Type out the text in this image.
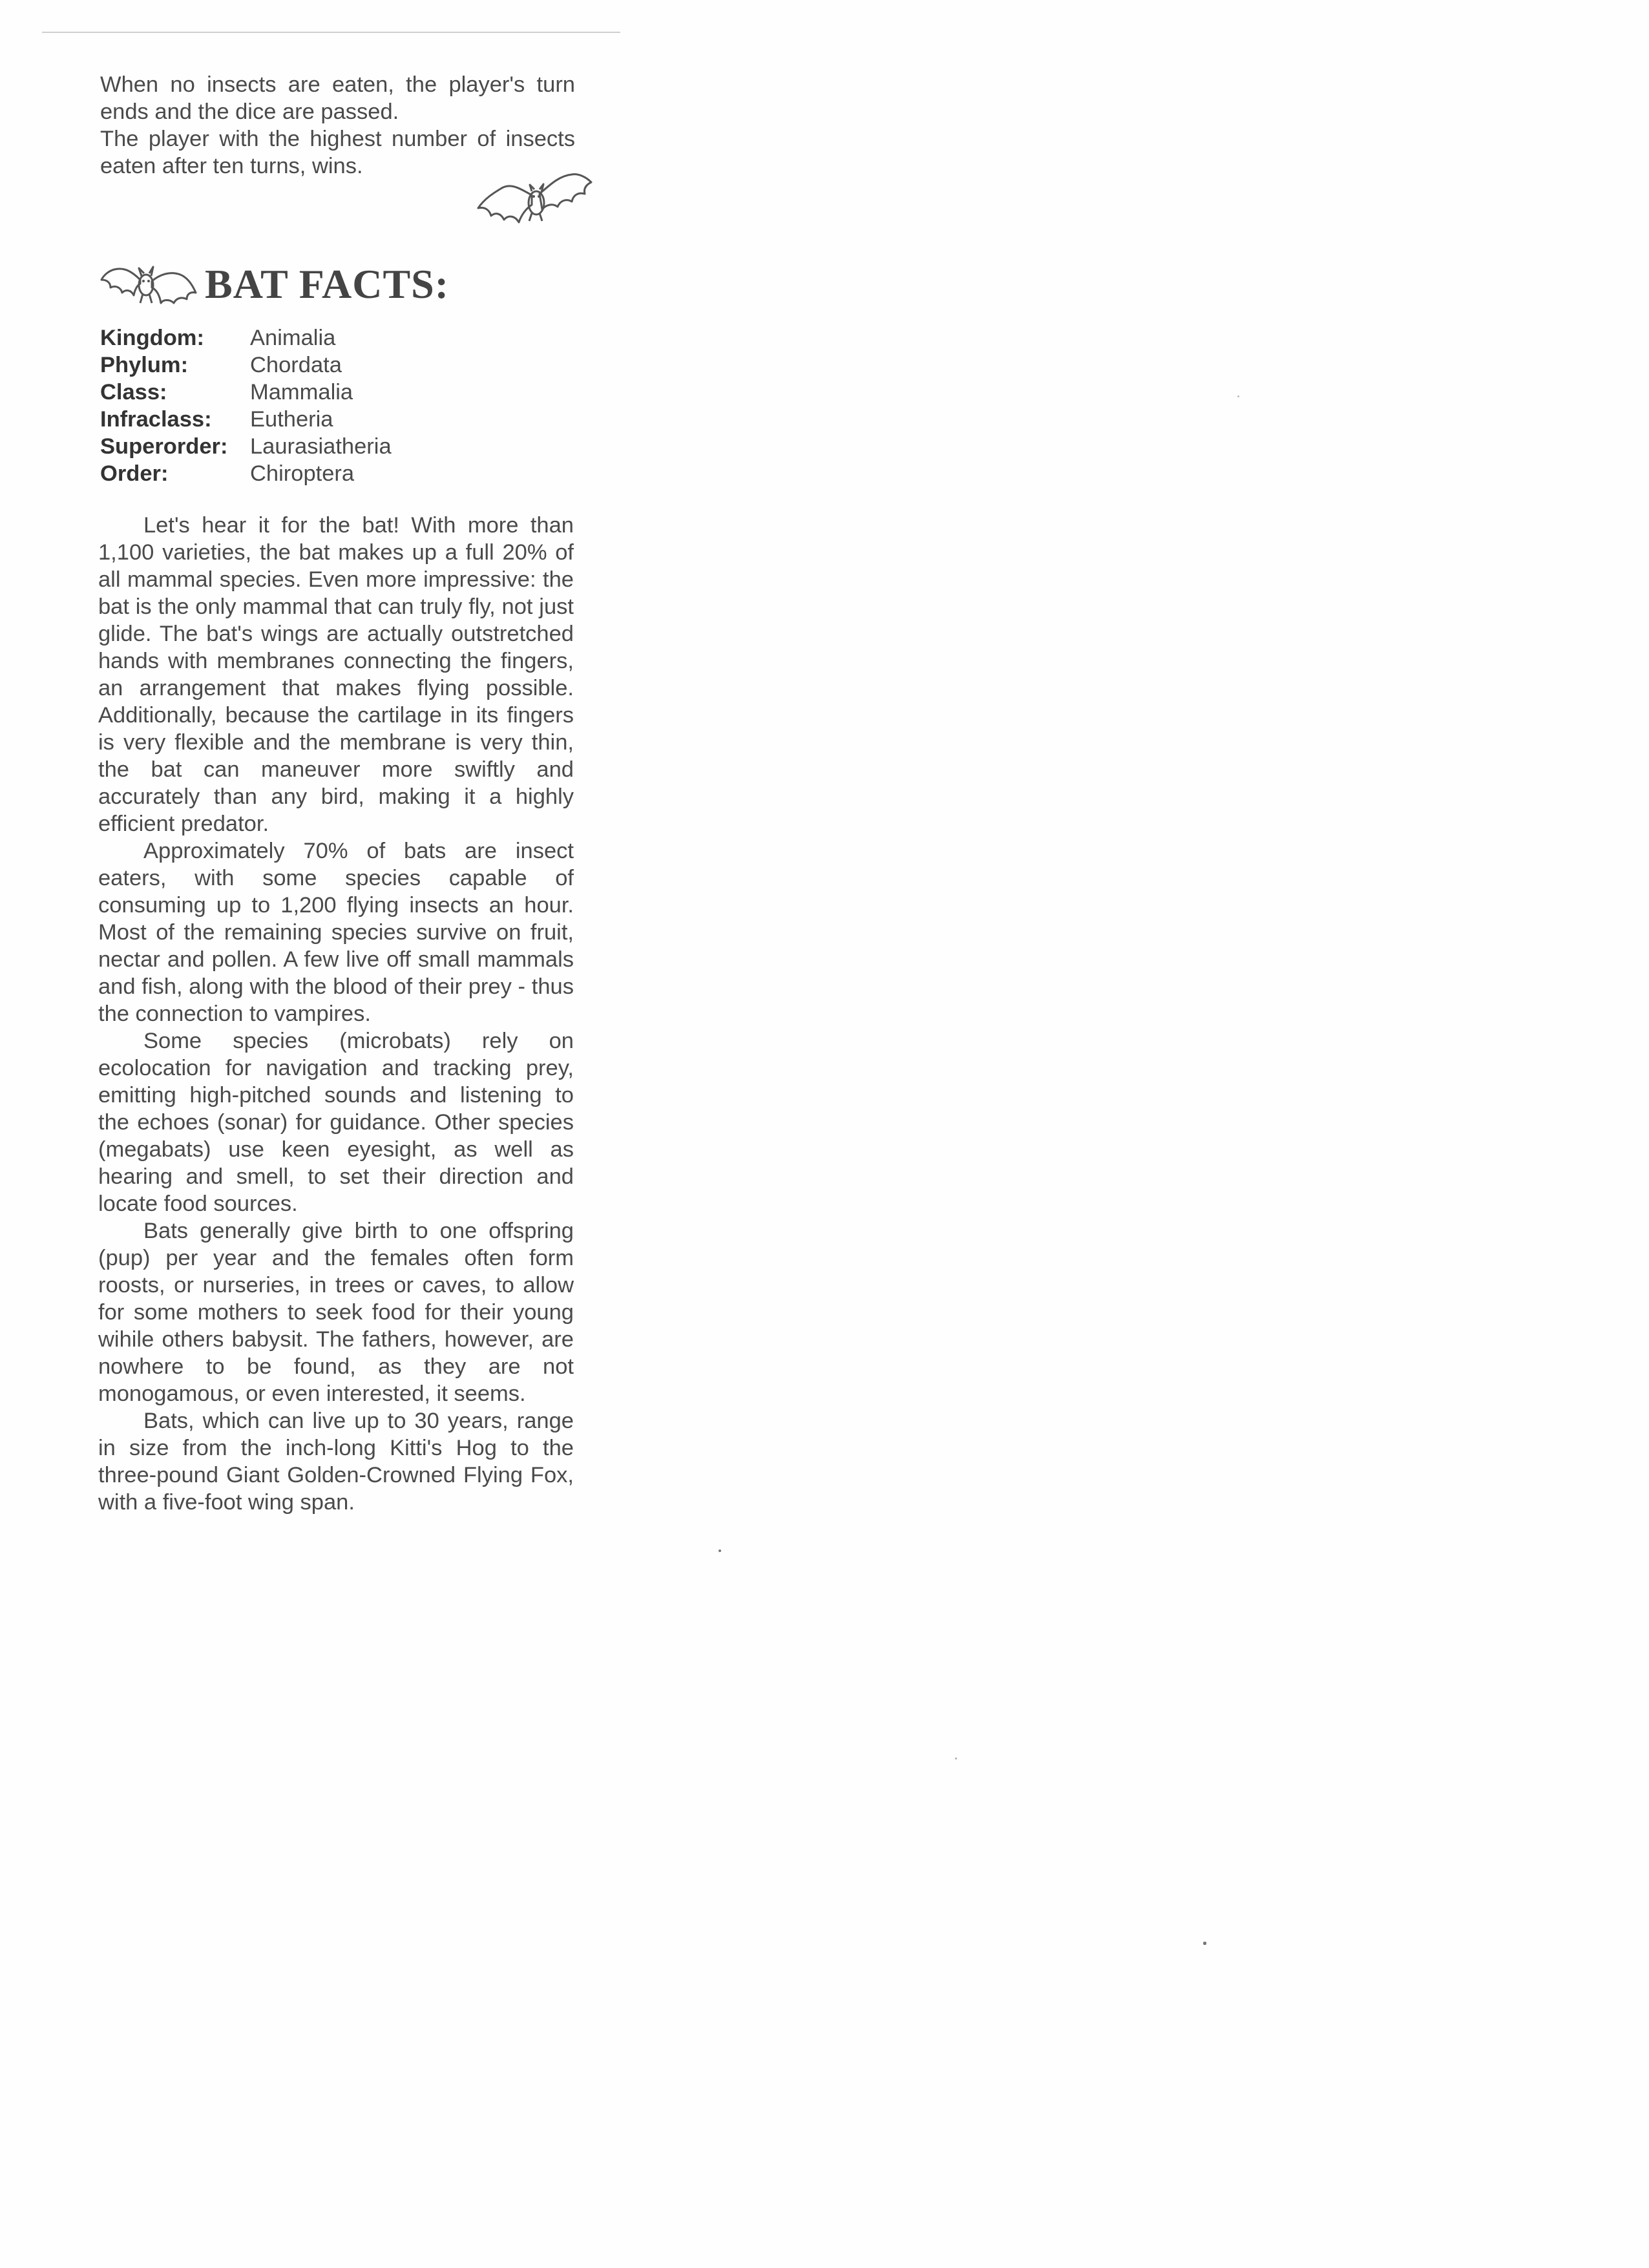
When no insects are eaten, the player's turn ends and the dice are passed.

The player with the highest number of insects eaten after ten turns, wins.

BAT FACTS:
Kingdom:	Animalia
Phylum:	Chordata
Class:	Mammalia
Infraclass:	Eutheria
Superorder:	Laurasiatheria
Order:	Chiroptera

Let's hear it for the bat! With more than 1,100 varieties, the bat makes up a full 20% of all mammal species. Even more impressive: the bat is the only mammal that can truly fly, not just glide. The bat's wings are actually outstretched hands with membranes connecting the fingers, an arrangement that makes flying possible. Additionally, because the cartilage in its fingers is very flexible and the membrane is very thin, the bat can maneuver more swiftly and accurately than any bird, making it a highly efficient predator.

Approximately 70% of bats are insect eaters, with some species capable of consuming up to 1,200 flying insects an hour. Most of the remaining species survive on fruit, nectar and pollen. A few live off small mammals and fish, along with the blood of their prey - thus the connection to vampires.

Some species (microbats) rely on ecolocation for navigation and tracking prey, emitting high-pitched sounds and listening to the echoes (sonar) for guidance. Other species (megabats) use keen eyesight, as well as hearing and smell, to set their direction and locate food sources.

Bats generally give birth to one offspring (pup) per year and the females often form roosts, or nurseries, in trees or caves, to allow for some mothers to seek food for their young wihile others babysit. The fathers, however, are nowhere to be found, as they are not monogamous, or even interested, it seems.

Bats, which can live up to 30 years, range in size from the inch-long Kitti's Hog to the three-pound Giant Golden-Crowned Flying Fox, with a five-foot wing span.
